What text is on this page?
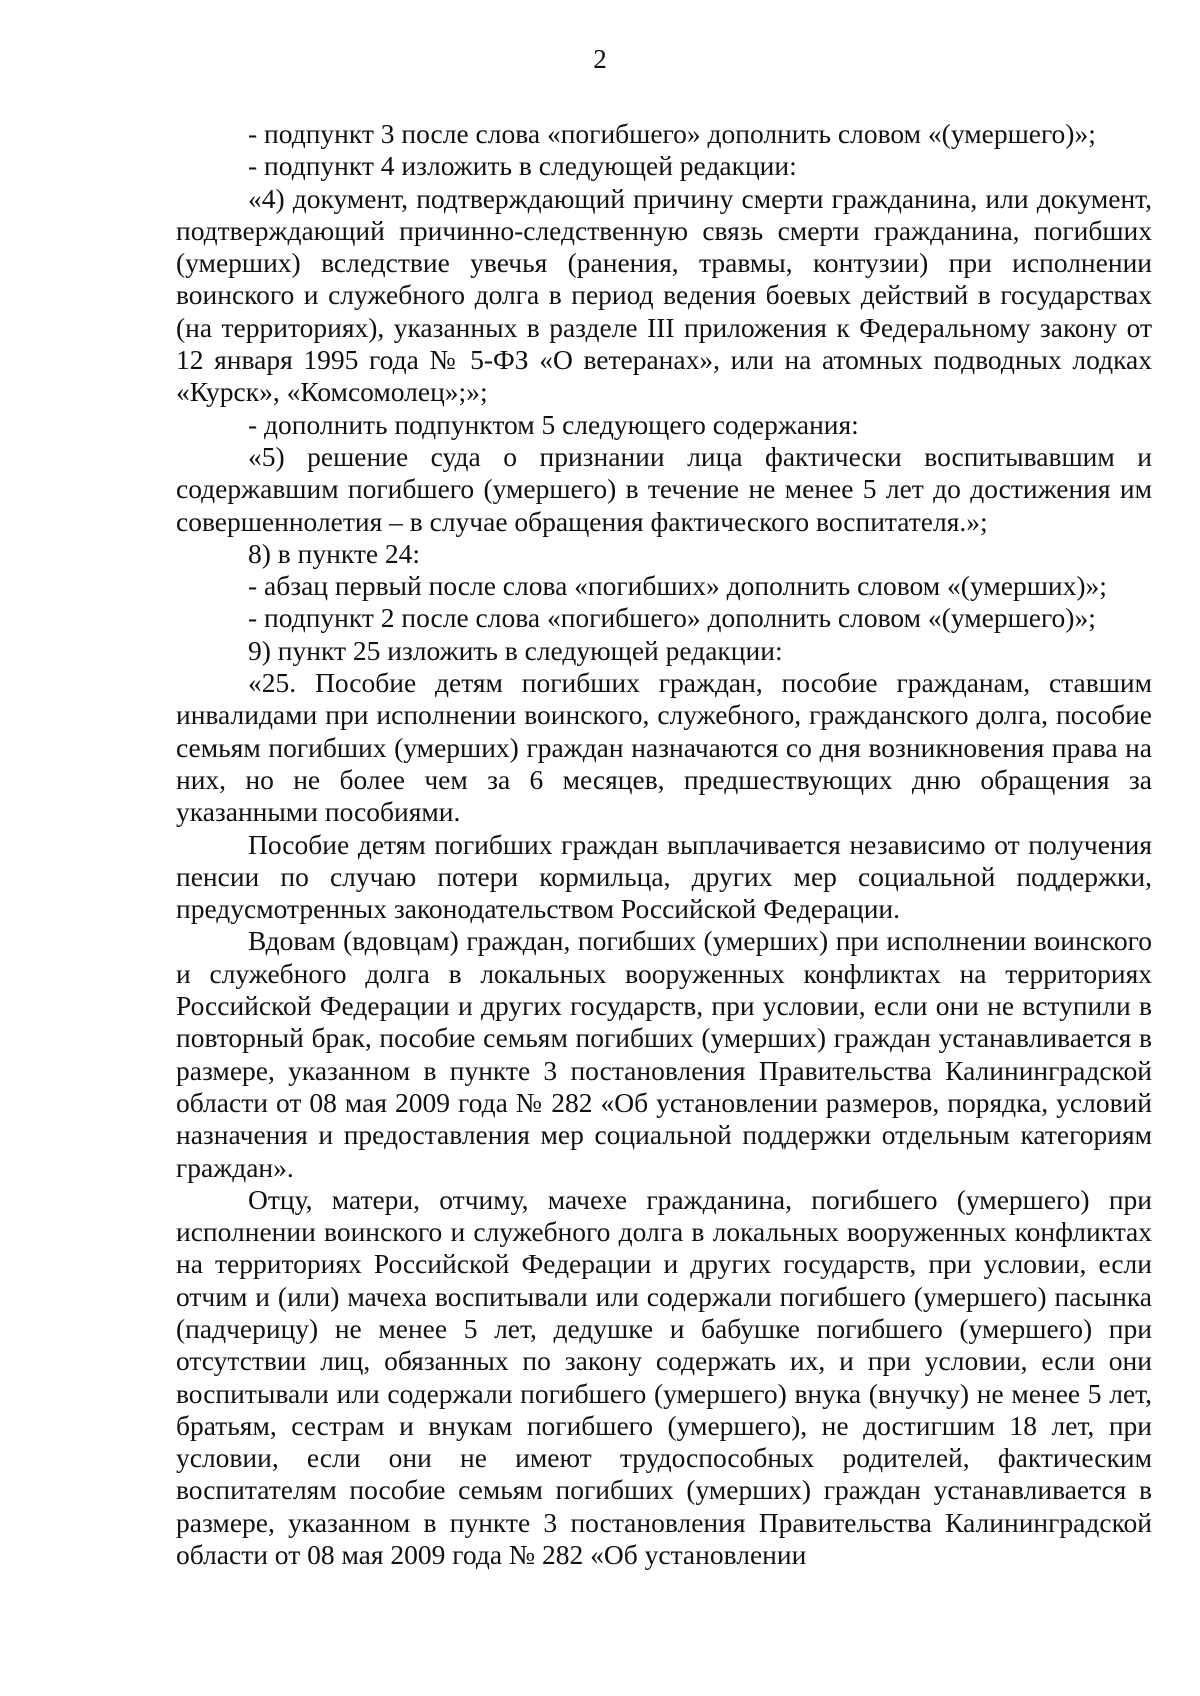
2

- подпункт 3 после слова «погибшего» дополнить словом «(умершего)»;

- подпункт 4 изложить в следующей редакции:

«4) документ, подтверждающий причину смерти гражданина, или документ, подтверждающий причинно-следственную связь смерти гражданина, погибших (умерших) вследствие увечья (ранения, травмы, контузии) при исполнении воинского и служебного долга в период ведения боевых действий в государствах (на территориях), указанных в разделе III приложения к Федеральному закону от 12 января 1995 года № 5-ФЗ «О ветеранах», или на атомных подводных лодках «Курск», «Комсомолец»;»;

- дополнить подпунктом 5 следующего содержания:

«5) решение суда о признании лица фактически воспитывавшим и содержавшим погибшего (умершего) в течение не менее 5 лет до достижения им совершеннолетия – в случае обращения фактического воспитателя.»;

8) в пункте 24:

- абзац первый после слова «погибших» дополнить словом «(умерших)»;

- подпункт 2 после слова «погибшего» дополнить словом «(умершего)»;

9) пункт 25 изложить в следующей редакции:

«25. Пособие детям погибших граждан, пособие гражданам, ставшим инвалидами при исполнении воинского, служебного, гражданского долга, пособие семьям погибших (умерших) граждан назначаются со дня возникновения права на них, но не более чем за 6 месяцев, предшествующих дню обращения за указанными пособиями.

Пособие детям погибших граждан выплачивается независимо от получения пенсии по случаю потери кормильца, других мер социальной поддержки, предусмотренных законодательством Российской Федерации.

Вдовам (вдовцам) граждан, погибших (умерших) при исполнении воинского и служебного долга в локальных вооруженных конфликтах на территориях Российской Федерации и других государств, при условии, если они не вступили в повторный брак, пособие семьям погибших (умерших) граждан устанавливается в размере, указанном в пункте 3 постановления Правительства Калининградской области от 08 мая 2009 года № 282 «Об установлении размеров, порядка, условий назначения и предоставления мер социальной поддержки отдельным категориям граждан».

Отцу, матери, отчиму, мачехе гражданина, погибшего (умершего) при исполнении воинского и служебного долга в локальных вооруженных конфликтах на территориях Российской Федерации и других государств, при условии, если отчим и (или) мачеха воспитывали или содержали погибшего (умершего) пасынка (падчерицу) не менее 5 лет, дедушке и бабушке погибшего (умершего) при отсутствии лиц, обязанных по закону содержать их, и при условии, если они воспитывали или содержали погибшего (умершего) внука (внучку) не менее 5 лет, братьям, сестрам и внукам погибшего (умершего), не достигшим 18 лет, при условии, если они не имеют трудоспособных родителей, фактическим воспитателям пособие семьям погибших (умерших) граждан устанавливается в размере, указанном в пункте 3 постановления Правительства Калининградской области от 08 мая 2009 года № 282 «Об установлении
